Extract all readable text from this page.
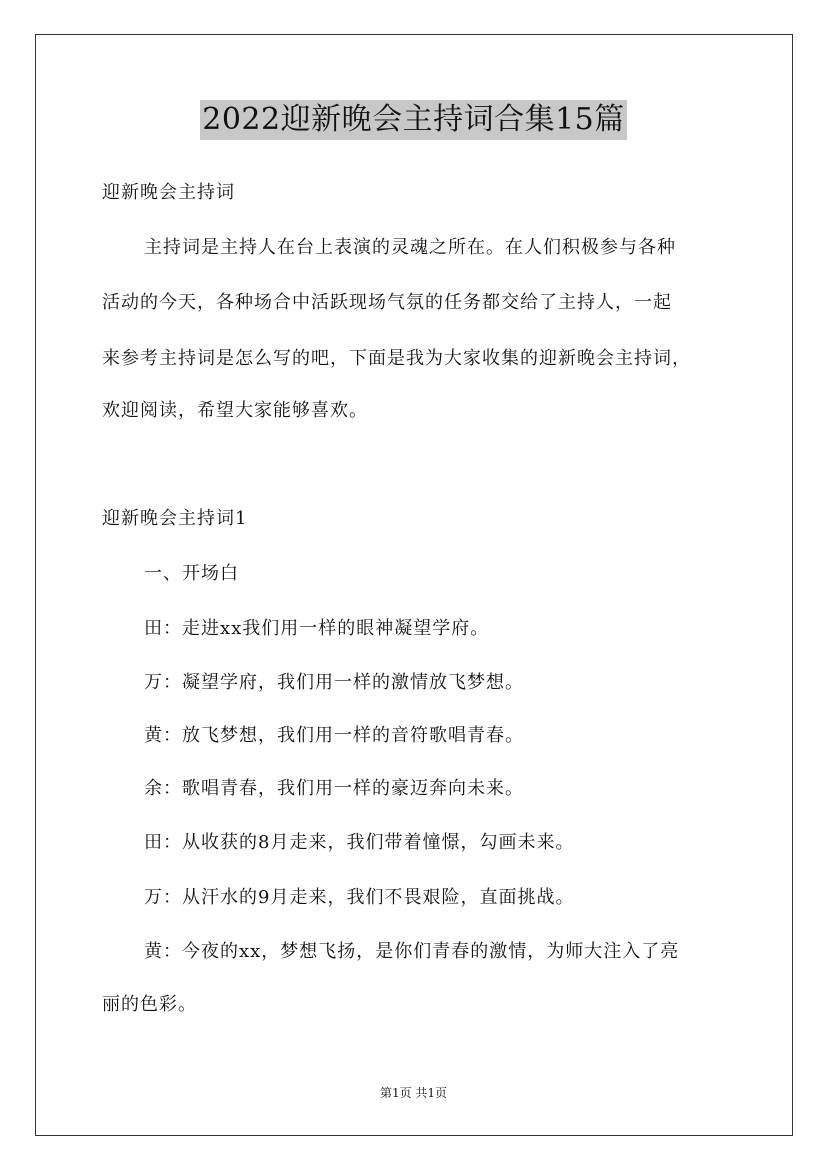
2022迎新晚会主持词合集15篇
迎新晚会主持词
主持词是主持人在台上表演的灵魂之所在。在人们积极参与各种
活动的今天，各种场合中活跃现场气氛的任务都交给了主持人，一起
来参考主持词是怎么写的吧，下面是我为大家收集的迎新晚会主持词，
欢迎阅读，希望大家能够喜欢。
迎新晚会主持词1
一、开场白
田：走进xx我们用一样的眼神凝望学府。
万：凝望学府，我们用一样的激情放飞梦想。
黄：放飞梦想，我们用一样的音符歌唱青春。
余：歌唱青春，我们用一样的豪迈奔向未来。
田：从收获的8月走来，我们带着憧憬，勾画未来。
万：从汗水的9月走来，我们不畏艰险，直面挑战。
黄：今夜的xx，梦想飞扬，是你们青春的激情，为师大注入了亮
丽的色彩。
第1页 共1页
